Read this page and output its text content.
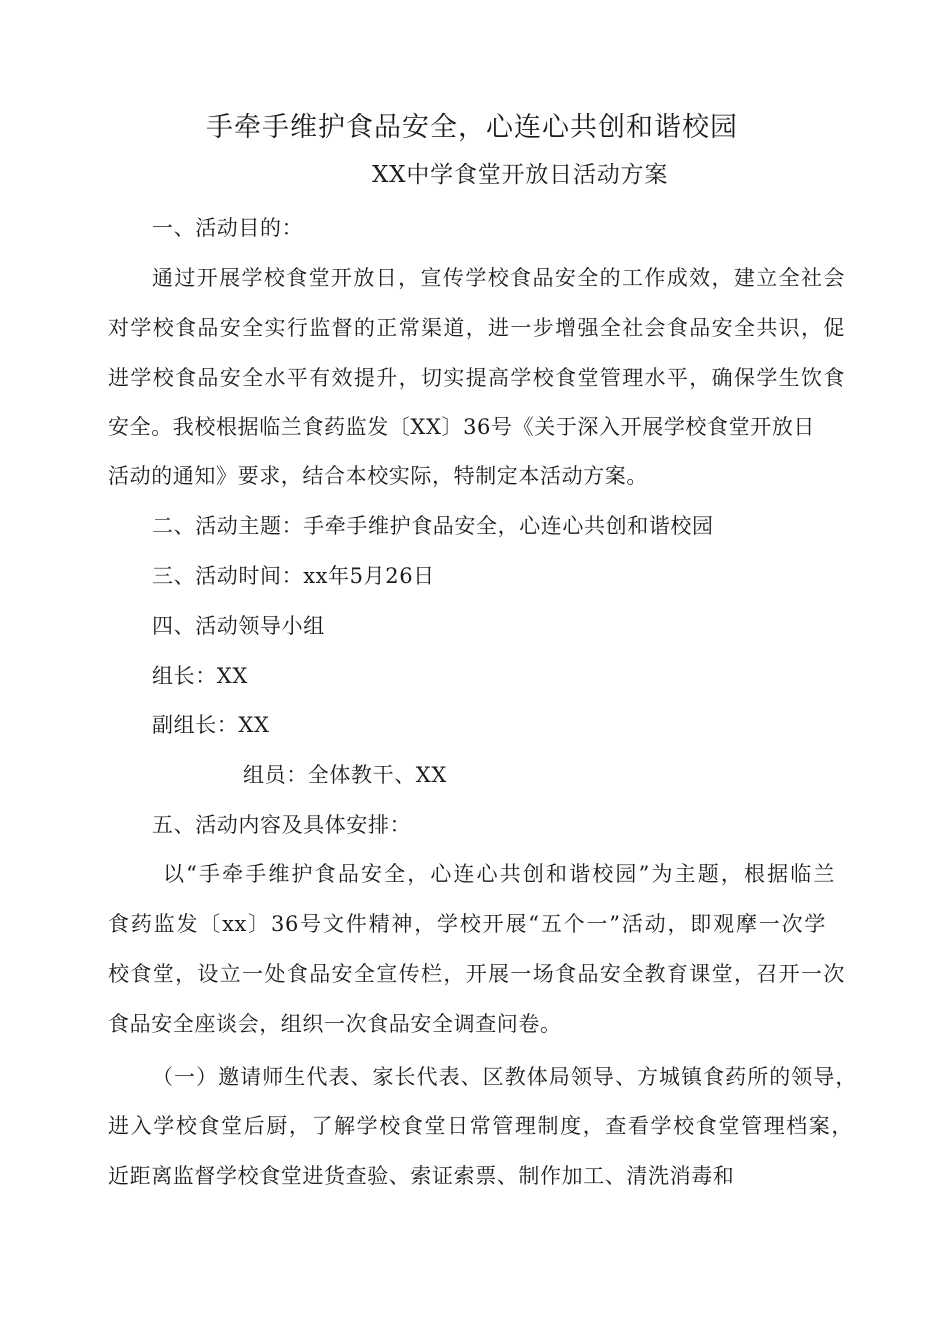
手牵手维护食品安全，心连心共创和谐校园
XX中学食堂开放日活动方案
一、活动目的：
通过开展学校食堂开放日，宣传学校食品安全的工作成效，建立全社会
对学校食品安全实行监督的正常渠道，进一步增强全社会食品安全共识，促
进学校食品安全水平有效提升，切实提高学校食堂管理水平，确保学生饮食
安全。我校根据临兰食药监发〔XX〕36号《关于深入开展学校食堂开放日
活动的通知》要求，结合本校实际，特制定本活动方案。
二、活动主题：手牵手维护食品安全，心连心共创和谐校园
三、活动时间：xx年5月26日
四、活动领导小组
组长：XX
副组长：XX
组员：全体教干、XX
五、活动内容及具体安排：
以“手牵手维护食品安全，心连心共创和谐校园”为主题，根据临兰
食药监发〔xx〕36号文件精神，学校开展“五个一”活动，即观摩一次学
校食堂，设立一处食品安全宣传栏，开展一场食品安全教育课堂，召开一次
食品安全座谈会，组织一次食品安全调查问卷。
（一）邀请师生代表、家长代表、区教体局领导、方城镇食药所的领导，
进入学校食堂后厨，了解学校食堂日常管理制度，查看学校食堂管理档案，
近距离监督学校食堂进货查验、索证索票、制作加工、清洗消毒和
